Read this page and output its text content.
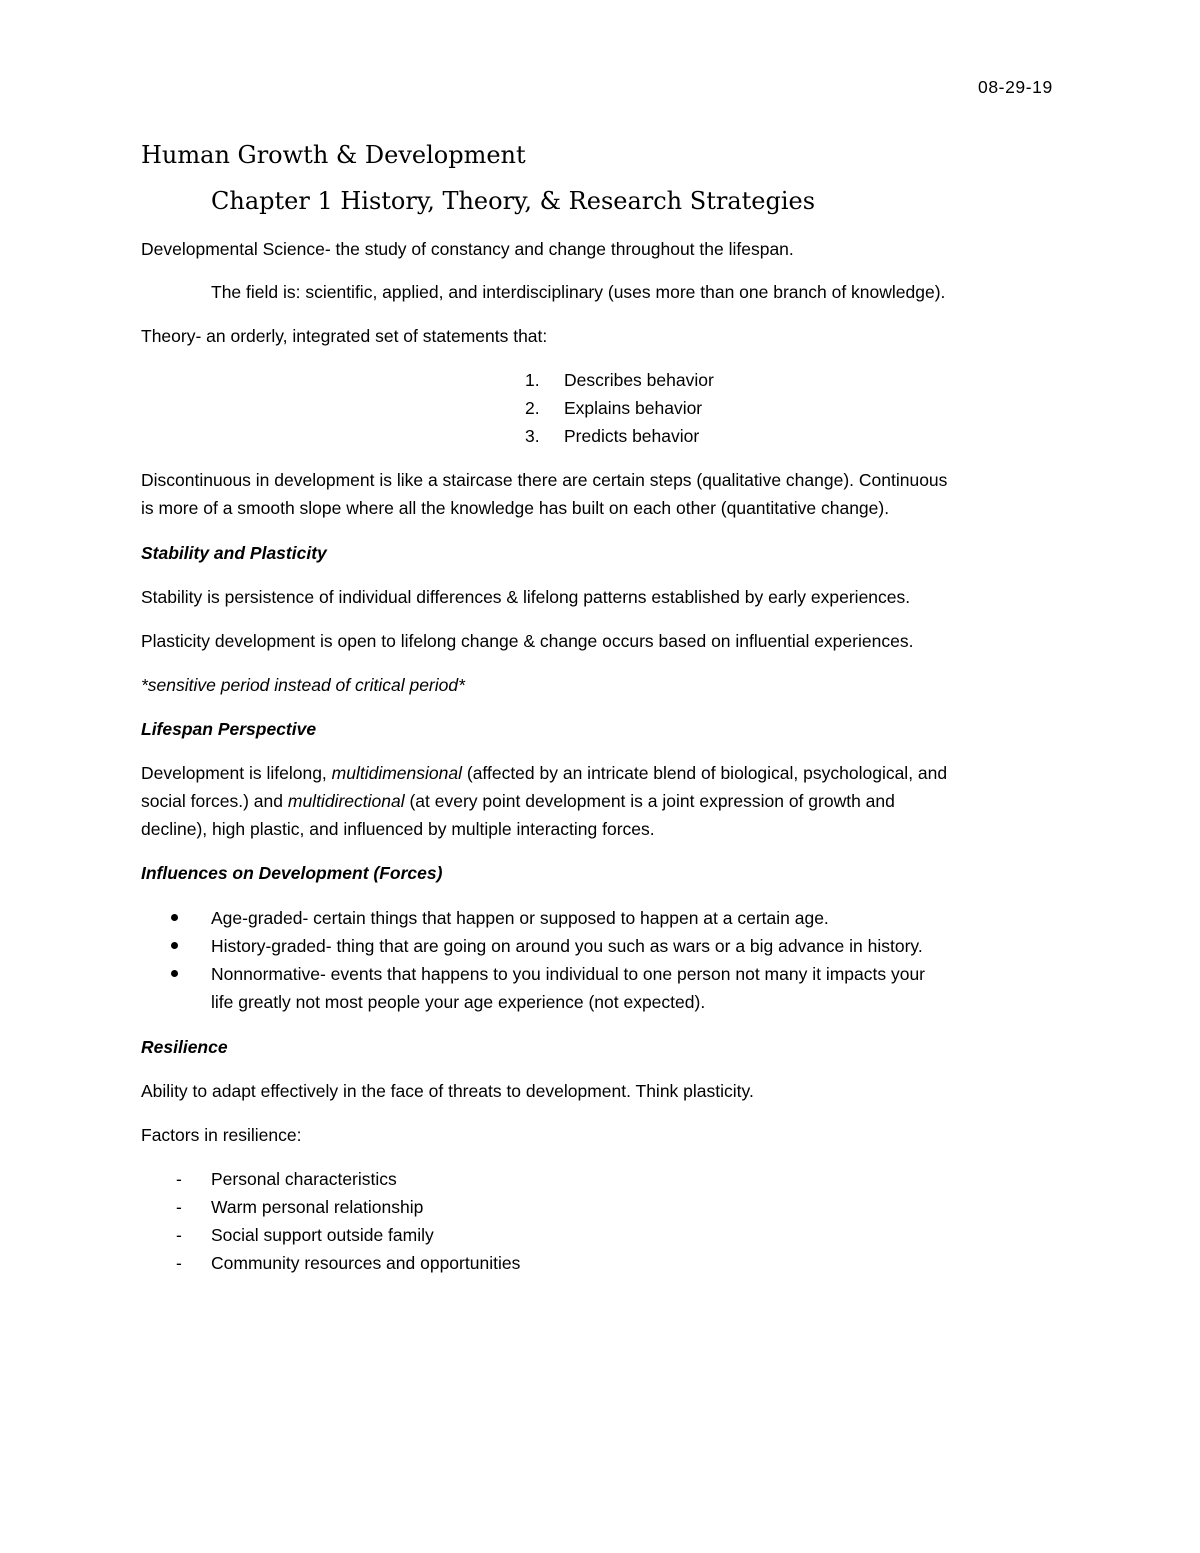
08-29-19
Human Growth & Development
Chapter 1 History, Theory, & Research Strategies
Developmental Science- the study of constancy and change throughout the lifespan.
The field is: scientific, applied, and interdisciplinary (uses more than one branch of knowledge).
Theory- an orderly, integrated set of statements that:
1. Describes behavior
2. Explains behavior
3. Predicts behavior
Discontinuous in development is like a staircase there are certain steps (qualitative change). Continuous
is more of a smooth slope where all the knowledge has built on each other (quantitative change).
Stability and Plasticity
Stability is persistence of individual differences & lifelong patterns established by early experiences.
Plasticity development is open to lifelong change & change occurs based on influential experiences.
*sensitive period instead of critical period*
Lifespan Perspective
Development is lifelong, multidimensional (affected by an intricate blend of biological, psychological, and
social forces.) and multidirectional (at every point development is a joint expression of growth and
decline), high plastic, and influenced by multiple interacting forces.
Influences on Development (Forces)
Age-graded- certain things that happen or supposed to happen at a certain age.
History-graded- thing that are going on around you such as wars or a big advance in history.
Nonnormative- events that happens to you individual to one person not many it impacts your
life greatly not most people your age experience (not expected).
Resilience
Ability to adapt effectively in the face of threats to development. Think plasticity.
Factors in resilience:
- Personal characteristics
- Warm personal relationship
- Social support outside family
- Community resources and opportunities
